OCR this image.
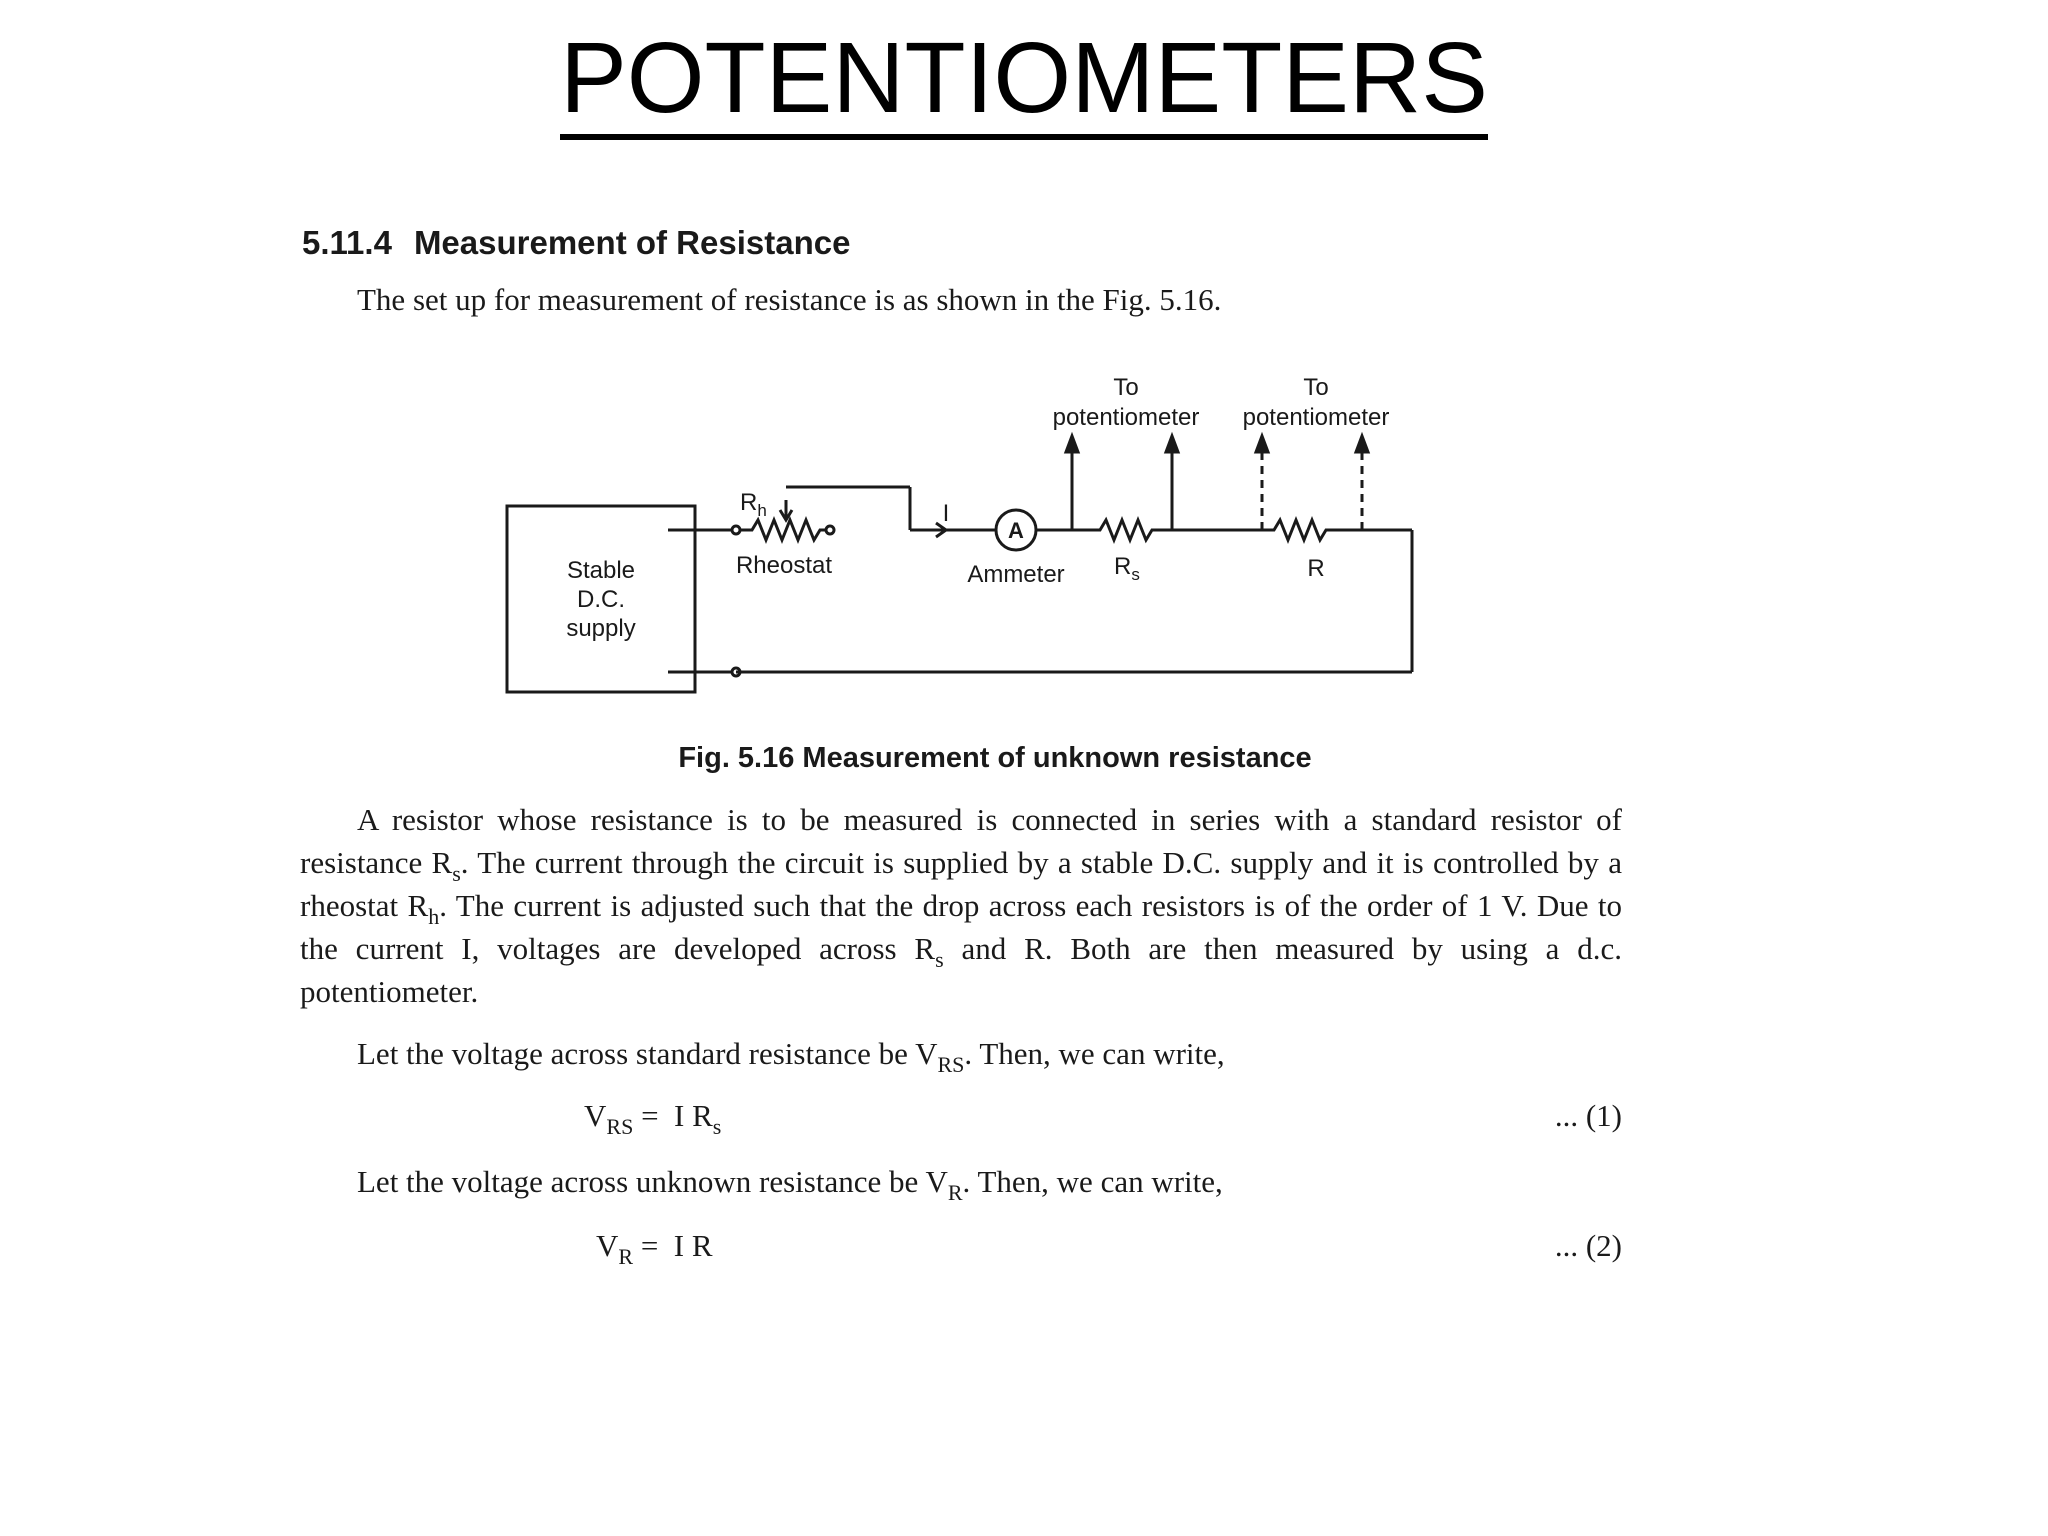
POTENTIOMETERS
5.11.4 Measurement of Resistance
The set up for measurement of resistance is as shown in the Fig. 5.16.
Stable
D.C.
supply
$R_h$
Rheostat
I
A
Ammeter $R_s$	R
To
potentiometer
To
potentiometer
Fig. 5.16 Measurement of unknown resistance
A resistor whose resistance is to be measured is connected in series with a standard resistor of resistance $R_s$. The current through the circuit is supplied by a stable D.C. supply and it is controlled by a rheostat $R_h$. The current is adjusted such that the drop across each resistors is of the order of 1 V. Due to the current I, voltages are developed across $R_s$ and R. Both are then measured by using a d.c. potentiometer.
Let the voltage across standard resistance be $V_{RS}$. Then, we can write,
$V_{RS} = I$ $R_s$	... (1)
Let the voltage across unknown resistance be $V_R$. Then, we can write,
$V_R = I$ R	... (2)
